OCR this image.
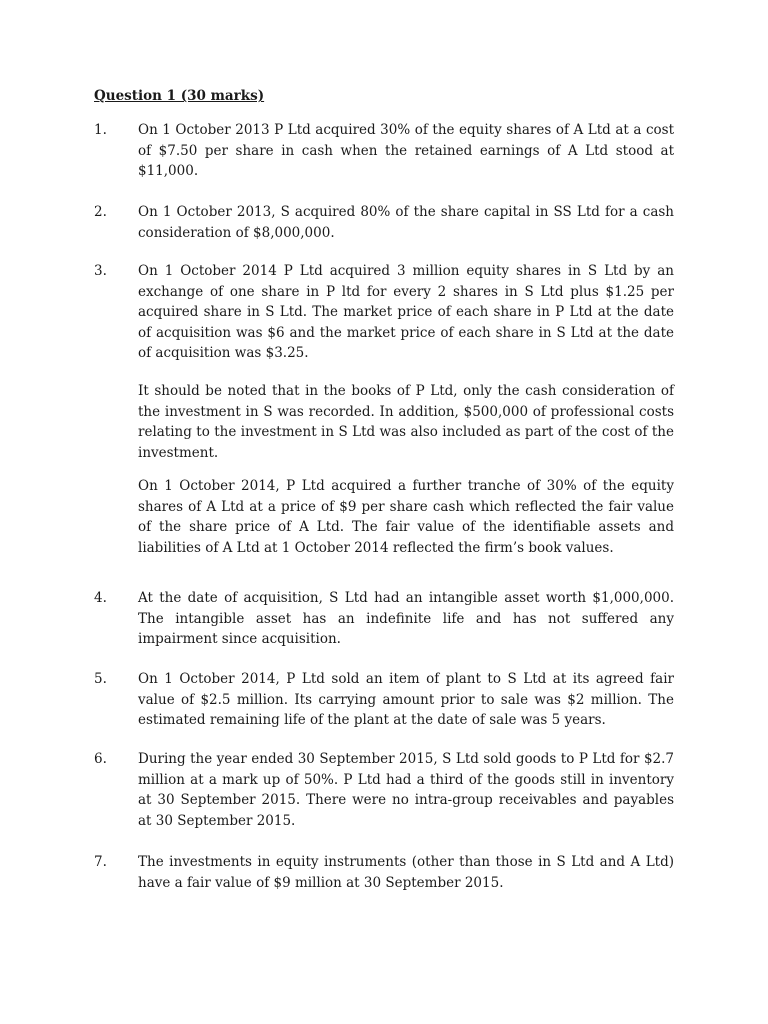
Question 1 (30 marks)
1. On 1 October 2013 P Ltd acquired 30% of the equity shares of A Ltd at a cost of $7.50 per share in cash when the retained earnings of A Ltd stood at $11,000.

2. On 1 October 2013, S acquired 80% of the share capital in SS Ltd for a cash consideration of $8,000,000.

3. On 1 October 2014 P Ltd acquired 3 million equity shares in S Ltd by an exchange of one share in P ltd for every 2 shares in S Ltd plus $1.25 per acquired share in S Ltd. The market price of each share in P Ltd at the date of acquisition was $6 and the market price of each share in S Ltd at the date of acquisition was $3.25.

It should be noted that in the books of P Ltd, only the cash consideration of the investment in S was recorded. In addition, $500,000 of professional costs relating to the investment in S Ltd was also included as part of the cost of the investment.

On 1 October 2014, P Ltd acquired a further tranche of 30% of the equity shares of A Ltd at a price of $9 per share cash which reflected the fair value of the share price of A Ltd. The fair value of the identifiable assets and liabilities of A Ltd at 1 October 2014 reflected the firm’s book values.

4. At the date of acquisition, S Ltd had an intangible asset worth $1,000,000. The intangible asset has an indefinite life and has not suffered any impairment since acquisition.

5. On 1 October 2014, P Ltd sold an item of plant to S Ltd at its agreed fair value of $2.5 million. Its carrying amount prior to sale was $2 million. The estimated remaining life of the plant at the date of sale was 5 years.

6. During the year ended 30 September 2015, S Ltd sold goods to P Ltd for $2.7 million at a mark up of 50%. P Ltd had a third of the goods still in inventory at 30 September 2015. There were no intra-group receivables and payables at 30 September 2015.

7. The investments in equity instruments (other than those in S Ltd and A Ltd) have a fair value of $9 million at 30 September 2015.
